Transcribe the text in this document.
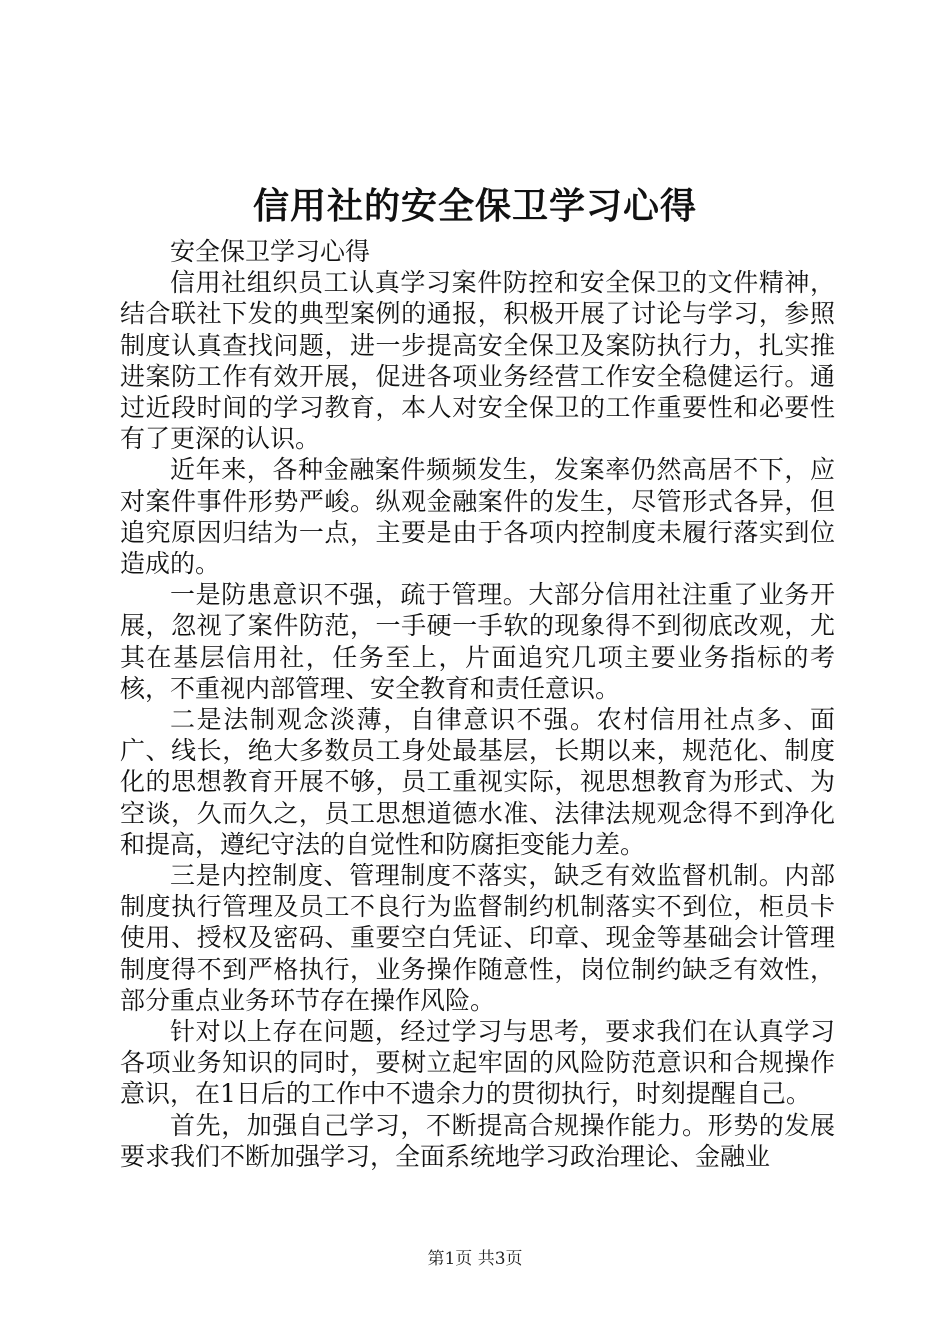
信用社的安全保卫学习心得

安全保卫学习心得

信用社组织员工认真学习案件防控和安全保卫的文件精神，结合联社下发的典型案例的通报，积极开展了讨论与学习，参照制度认真查找问题，进一步提高安全保卫及案防执行力，扎实推进案防工作有效开展，促进各项业务经营工作安全稳健运行。通过近段时间的学习教育，本人对安全保卫的工作重要性和必要性有了更深的认识。

近年来，各种金融案件频频发生，发案率仍然高居不下，应对案件事件形势严峻。纵观金融案件的发生，尽管形式各异，但追究原因归结为一点，主要是由于各项内控制度未履行落实到位造成的。

一是防患意识不强，疏于管理。大部分信用社注重了业务开展，忽视了案件防范，一手硬一手软的现象得不到彻底改观，尤其在基层信用社，任务至上，片面追究几项主要业务指标的考核，不重视内部管理、安全教育和责任意识。

二是法制观念淡薄，自律意识不强。农村信用社点多、面广、线长，绝大多数员工身处最基层，长期以来，规范化、制度化的思想教育开展不够，员工重视实际，视思想教育为形式、为空谈，久而久之，员工思想道德水准、法律法规观念得不到净化和提高，遵纪守法的自觉性和防腐拒变能力差。

三是内控制度、管理制度不落实，缺乏有效监督机制。内部制度执行管理及员工不良行为监督制约机制落实不到位，柜员卡使用、授权及密码、重要空白凭证、印章、现金等基础会计管理制度得不到严格执行，业务操作随意性，岗位制约缺乏有效性，部分重点业务环节存在操作风险。

针对以上存在问题，经过学习与思考，要求我们在认真学习各项业务知识的同时，要树立起牢固的风险防范意识和合规操作意识，在1日后的工作中不遗余力的贯彻执行，时刻提醒自己。

首先，加强自己学习，不断提高合规操作能力。形势的发展要求我们不断加强学习，全面系统地学习政治理论、金融业

第1页 共3页
